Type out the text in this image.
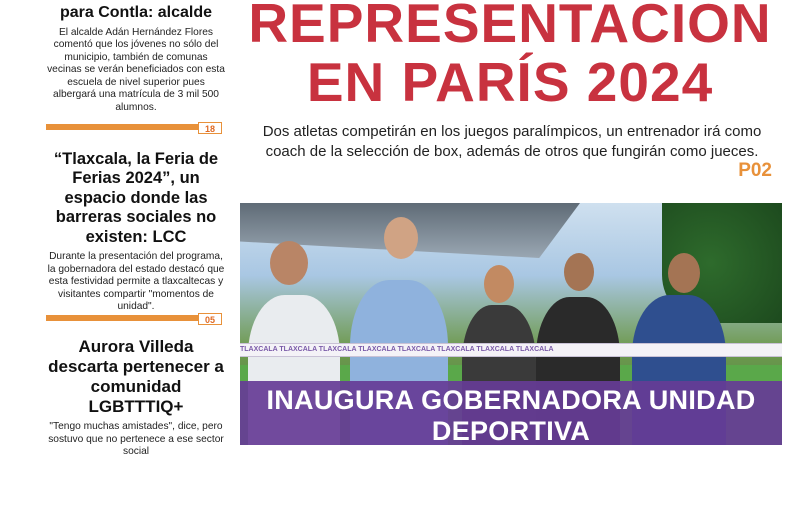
para Contla: alcalde
El alcalde Adán Hernández Flores comentó que los jóvenes no sólo del municipio, también de comunas vecinas se verán beneficiados con esta escuela de nivel superior pues albergará una matrícula de 3 mil 500 alumnos.
18
“Tlaxcala, la Feria de Ferias 2024”, un espacio donde las barreras sociales no existen: LCC
Durante la presentación del programa, la gobernadora del estado destacó que esta festividad permite a tlaxcaltecas y visitantes compartir "momentos de unidad".
05
Aurora Villeda descarta pertenecer a comunidad LGBTTTIQ+
"Tengo muchas amistades", dice, pero sostuvo que no pertenece a ese sector social
REPRESENTACION
EN PARÍS 2024
Dos atletas competirán en los juegos paralímpicos, un entrenador irá como coach de la selección de box, además de otros que fungirán como jueces.
P02
TLAXCALA TLAXCALA TLAXCALA TLAXCALA TLAXCALA TLAXCALA TLAXCALA TLAXCALA
INAUGURA GOBERNADORA UNIDAD DEPORTIVA
EN BENEFICIO DE MÁS DE 4 MIL 700 HABITANTES
